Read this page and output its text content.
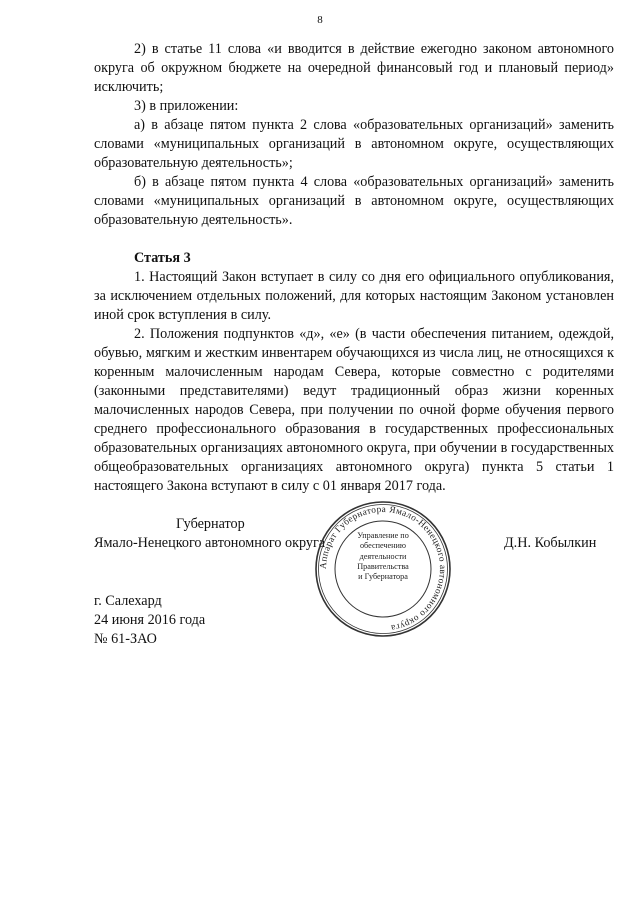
8

2) в статье 11 слова «и вводится в действие ежегодно законом автономного округа об окружном бюджете на очередной финансовый год и плановый период» исключить;

3) в приложении:

а) в абзаце пятом пункта 2 слова «образовательных организаций» заменить словами «муниципальных организаций в автономном округе, осуществляющих образовательную деятельность»;

б) в абзаце пятом пункта 4 слова «образовательных организаций» заменить словами «муниципальных организаций в автономном округе, осуществляющих образовательную деятельность».

Статья 3

1. Настоящий Закон вступает в силу со дня его официального опубликования, за исключением отдельных положений, для которых настоящим Законом установлен иной срок вступления в силу.

2. Положения подпунктов «д», «е» (в части обеспечения питанием, одеждой, обувью, мягким и жестким инвентарем обучающихся из числа лиц, не относящихся к коренным малочисленным народам Севера, которые совместно с родителями (законными представителями) ведут традиционный образ жизни коренных малочисленных народов Севера, при получении по очной форме обучения первого среднего профессионального образования в государственных профессиональных образовательных организациях автономного округа, при обучении в государственных общеобразовательных организациях автономного округа) пункта 5 статьи 1 настоящего Закона вступают в силу с 01 января 2017 года.

Губернатор
Ямало-Ненецкого автономного округа
Аппарат Губернатора Ямало-Ненецкого автономного округа
Управление по
обеспечению
деятельности
Правительства
и Губернатора
Д.Н. Кобылкин
г. Салехард
24 июня 2016 года
№ 61-ЗАО
